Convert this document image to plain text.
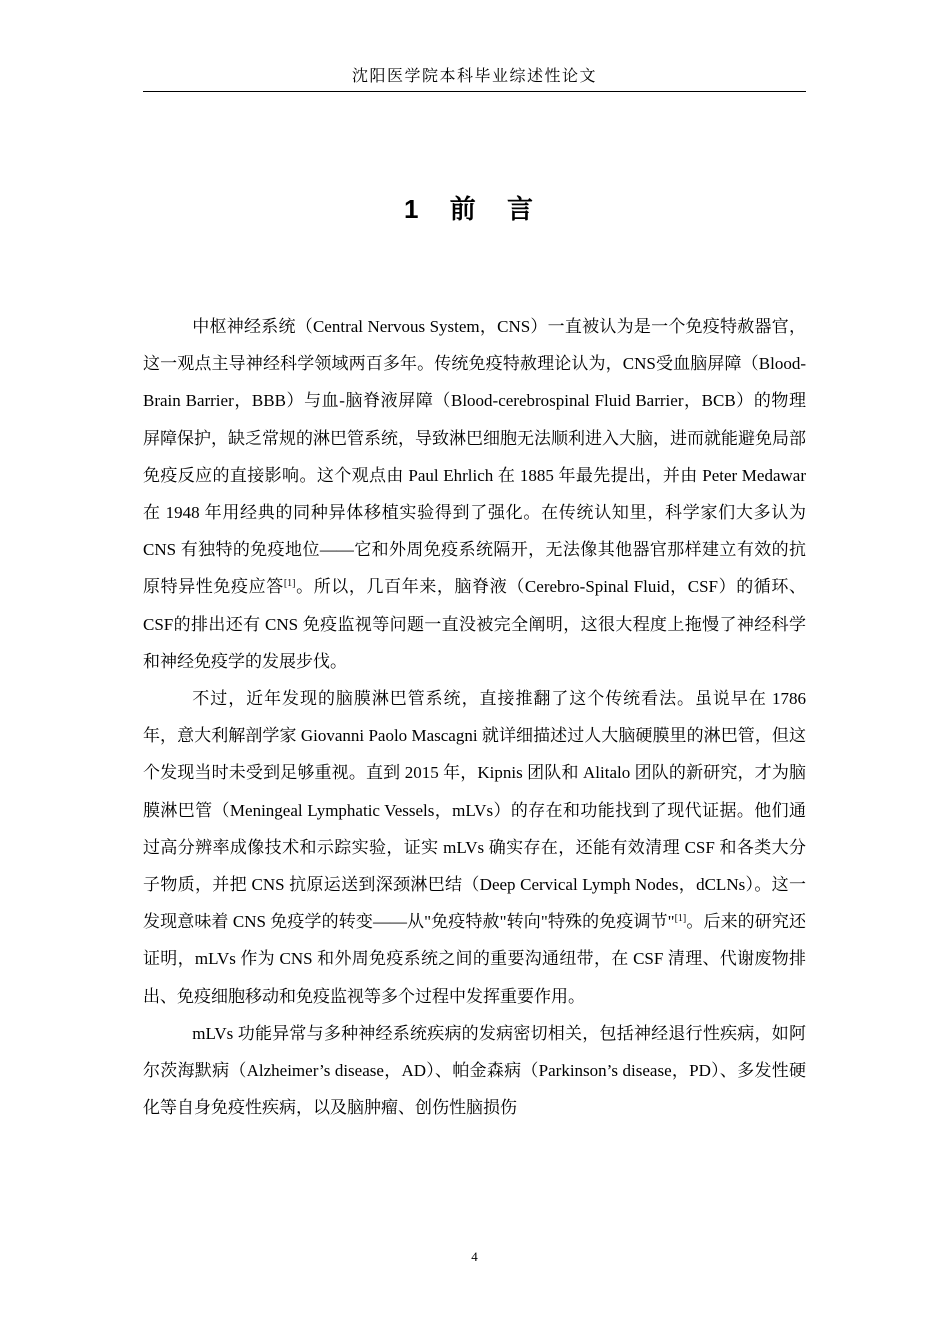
沈阳医学院本科毕业综述性论文
1 前 言

中枢神经系统（Central Nervous System，CNS）一直被认为是一个免疫特赦器官，这一观点主导神经科学领域两百多年。传统免疫特赦理论认为，CNS受血脑屏障（Blood-Brain Barrier，BBB）与血-脑脊液屏障（Blood-cerebrospinal Fluid Barrier，BCB）的物理屏障保护，缺乏常规的淋巴管系统，导致淋巴细胞无法顺利进入大脑，进而就能避免局部免疫反应的直接影响。这个观点由 Paul Ehrlich 在 1885 年最先提出，并由 Peter Medawar 在 1948 年用经典的同种异体移植实验得到了强化。在传统认知里，科学家们大多认为 CNS 有独特的免疫地位——它和外周免疫系统隔开，无法像其他器官那样建立有效的抗原特异性免疫应答[1]。所以，几百年来，脑脊液（Cerebro-Spinal Fluid，CSF）的循环、CSF的排出还有 CNS 免疫监视等问题一直没被完全阐明，这很大程度上拖慢了神经科学和神经免疫学的发展步伐。

不过，近年发现的脑膜淋巴管系统，直接推翻了这个传统看法。虽说早在 1786 年，意大利解剖学家 Giovanni Paolo Mascagni 就详细描述过人大脑硬膜里的淋巴管，但这个发现当时未受到足够重视。直到 2015 年，Kipnis 团队和 Alitalo 团队的新研究，才为脑膜淋巴管（Meningeal Lymphatic Vessels，mLVs）的存在和功能找到了现代证据。他们通过高分辨率成像技术和示踪实验，证实 mLVs 确实存在，还能有效清理 CSF 和各类大分子物质，并把 CNS 抗原运送到深颈淋巴结（Deep Cervical Lymph Nodes，dCLNs）。这一发现意味着 CNS 免疫学的转变——从"免疫特赦"转向"特殊的免疫调节"[1]。后来的研究还证明，mLVs 作为 CNS 和外周免疫系统之间的重要沟通纽带，在 CSF 清理、代谢废物排出、免疫细胞移动和免疫监视等多个过程中发挥重要作用。

mLVs 功能异常与多种神经系统疾病的发病密切相关，包括神经退行性疾病，如阿尔茨海默病（Alzheimer’s disease，AD）、帕金森病（Parkinson’s disease，PD）、多发性硬化等自身免疫性疾病，以及脑肿瘤、创伤性脑损伤

4
